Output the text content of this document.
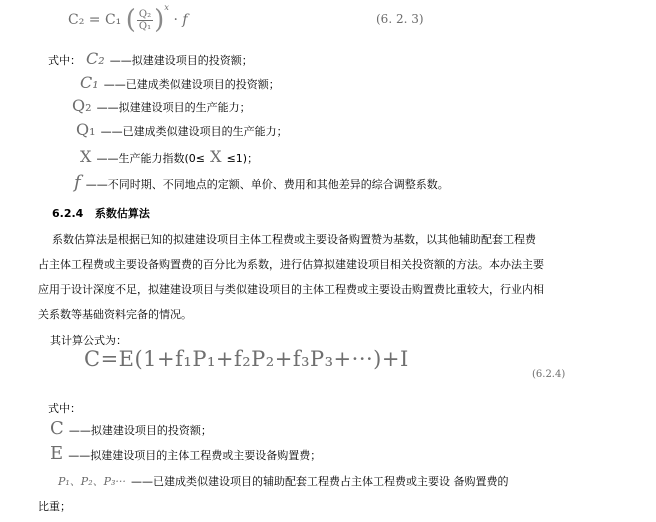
C₂ = C₁ ( $\frac{\text{Q₂}}{\text{Q₁}} )^x \cdot f$	(6. 2. 3)
式中： C₂ ——拟建建设项目的投资额；
C₁ ——已建成类似建设项目的投资额；
Q₂ ——拟建建设项目的生产能力；
Q₁ ——已建成类似建设项目的生产能力；
X ——生产能力指数(0≤ X ≤1)；
f ——不同时期、不同地点的定额、单价、费用和其他差异的综合调整系数。
6.2.4 系数估算法
系数估算法是根据已知的拟建建设项目主体工程费或主要设备购置赞为基数，以其他辅助配套工程费
占主体工程费或主要设备购置费的百分比为系数，进行估算拟建建设项目相关投资额的方法。本办法主要
应用于设计深度不足，拟建建设项目与类似建设项目的主体工程费或主要设击购置费比重较大，行业内相
关系数等基础资料完备的情况。
其计算公式为：
C=E(1+f₁P₁+f₂P₂+f₃P₃+···)+I
(6.2.4)
式中：
C ——拟建建设项目的投资额；
E ——拟建建设项目的主体工程费或主要设备购置费；
P₁、P₂、P₃··· ——已建成类似建设项目的辅助配套工程费占主体工程费或主要设 备购置费的
比重；
